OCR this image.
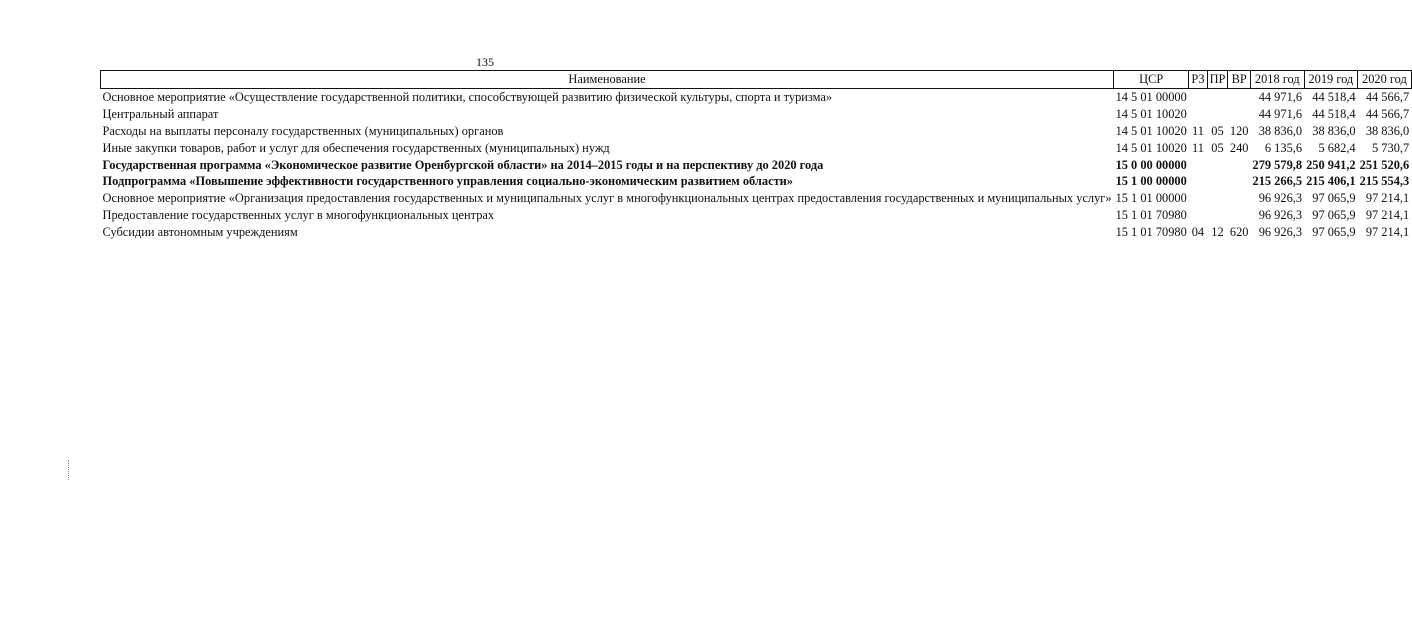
135
Наименование	ЦСР	РЗ	ПР	ВР	2018 год	2019 год	2020 год
Основное мероприятие «Осуществление государственной политики, способствующей развитию физической культуры, спорта и туризма»	14 5 01 00000				44 971,6	44 518,4	44 566,7
Центральный аппарат	14 5 01 10020				44 971,6	44 518,4	44 566,7
Расходы на выплаты персоналу государственных (муниципальных) органов	14 5 01 10020	11	05	120	38 836,0	38 836,0	38 836,0
Иные закупки товаров, работ и услуг для обеспечения государственных (муниципальных) нужд	14 5 01 10020	11	05	240	6 135,6	5 682,4	5 730,7
Государственная программа «Экономическое развитие Оренбургской области» на 2014–2015 годы и на перспективу до 2020 года	15 0 00 00000				279 579,8	250 941,2	251 520,6
Подпрограмма «Повышение эффективности государственного управления социально-экономическим развитием области»	15 1 00 00000				215 266,5	215 406,1	215 554,3
Основное мероприятие «Организация предоставления государственных и муниципальных услуг в многофункциональных центрах предоставления государственных и муниципальных услуг»	15 1 01 00000				96 926,3	97 065,9	97 214,1
Предоставление государственных услуг в многофункциональных центрах	15 1 01 70980				96 926,3	97 065,9	97 214,1
Субсидии автономным учреждениям	15 1 01 70980	04	12	620	96 926,3	97 065,9	97 214,1
